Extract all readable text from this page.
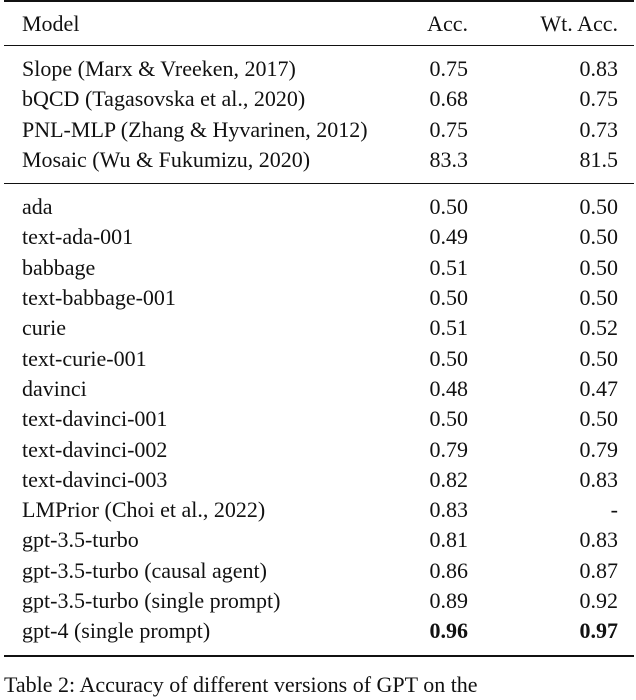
Model	Acc.	Wt. Acc.
Slope (Marx & Vreeken, 2017)	0.75	0.83
bQCD (Tagasovska et al., 2020)	0.68	0.75
PNL-MLP (Zhang & Hyvarinen, 2012)	0.75	0.73
Mosaic (Wu & Fukumizu, 2020)	83.3	81.5
ada	0.50	0.50
text-ada-001	0.49	0.50
babbage	0.51	0.50
text-babbage-001	0.50	0.50
curie	0.51	0.52
text-curie-001	0.50	0.50
davinci	0.48	0.47
text-davinci-001	0.50	0.50
text-davinci-002	0.79	0.79
text-davinci-003	0.82	0.83
LMPrior (Choi et al., 2022)	0.83	-
gpt-3.5-turbo	0.81	0.83
gpt-3.5-turbo (causal agent)	0.86	0.87
gpt-3.5-turbo (single prompt)	0.89	0.92
gpt-4 (single prompt)	0.96	0.97
Table 2: Accuracy of different versions of GPT on the
